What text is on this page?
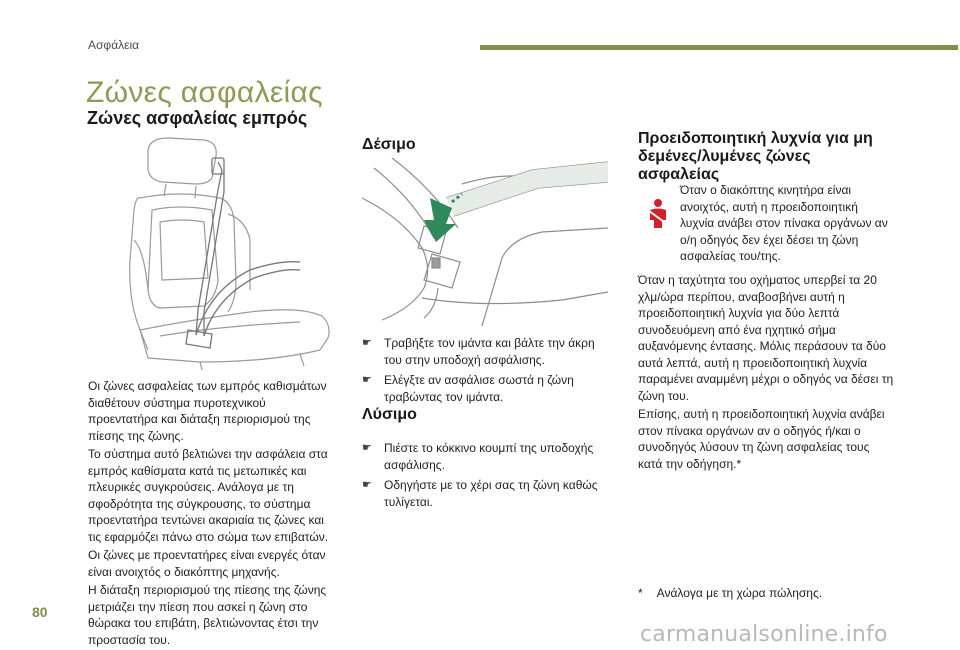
Ασφάλεια
Ζώνες ασφαλείας
Ζώνες ασφαλείας εμπρός

Οι ζώνες ασφαλείας των εμπρός καθισμάτων διαθέτουν σύστημα πυροτεχνικού προεντατήρα και διάταξη περιορισμού της πίεσης της ζώνης.

Το σύστημα αυτό βελτιώνει την ασφάλεια στα εμπρός καθίσματα κατά τις μετωπικές και πλευρικές συγκρούσεις. Ανάλογα με τη σφοδρότητα της σύγκρουσης, το σύστημα προεντατήρα τεντώνει ακαριαία τις ζώνες και τις εφαρμόζει πάνω στο σώμα των επιβατών.

Οι ζώνες με προεντατήρες είναι ενεργές όταν είναι ανοιχτός ο διακόπτης μηχανής.

Η διάταξη περιορισμού της πίεσης της ζώνης μετριάζει την πίεση που ασκεί η ζώνη στο θώρακα του επιβάτη, βελτιώνοντας έτσι την προστασία του.

Δέσιμο
☛ Τραβήξτε τον ιμάντα και βάλτε την άκρη του στην υποδοχή ασφάλισης.
☛ Ελέγξτε αν ασφάλισε σωστά η ζώνη τραβώντας τον ιμάντα.
Λύσιμο
☛ Πιέστε το κόκκινο κουμπί της υποδοχής ασφάλισης.
☛ Οδηγήστε με το χέρι σας τη ζώνη καθώς τυλίγεται.
Προειδοποιητική λυχνία για μη δεμένες/λυμένες ζώνες ασφαλείας
Όταν ο διακόπτης κινητήρα είναι ανοιχτός, αυτή η προειδοποιητική λυχνία ανάβει στον πίνακα οργάνων αν ο/η οδηγός δεν έχει δέσει τη ζώνη ασφαλείας του/της.

Όταν η ταχύτητα του οχήματος υπερβεί τα 20 χλμ/ώρα περίπου, αναβοσβήνει αυτή η προειδοποιητική λυχνία για δύο λεπτά συνοδευόμενη από ένα ηχητικό σήμα αυξανόμενης έντασης. Μόλις περάσουν τα δύο αυτά λεπτά, αυτή η προειδοποιητική λυχνία παραμένει αναμμένη μέχρι ο οδηγός να δέσει τη ζώνη του.

Επίσης, αυτή η προειδοποιητική λυχνία ανάβει στον πίνακα οργάνων αν ο οδηγός ή/και ο συνοδηγός λύσουν τη ζώνη ασφαλείας τους κατά την οδήγηση.*

* Ανάλογα με τη χώρα πώλησης.
80
carmanualsonline.info
